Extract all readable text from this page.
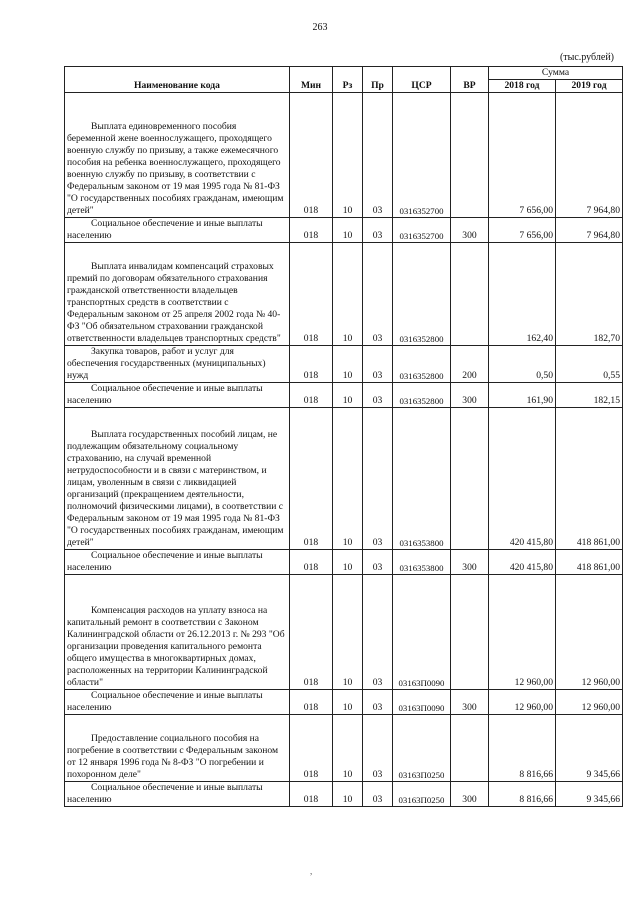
263
(тыс.рублей)
Наименование кода	Мин	Рз	Пр	ЦСР	ВР	Сумма	
						2018 год	2019 год
Выплата единовременного пособия беременной жене военнослужащего, проходящего военную службу по призыву, а также ежемесячного пособия на ребенка военнослужащего, проходящего военную службу по призыву, в соответствии с Федеральным законом от 19 мая 1995 года № 81-ФЗ "О государственных пособиях гражданам, имеющим детей"	018	10	03	0316352700		7 656,00	7 964,80
Социальное обеспечение и иные выплаты населению	018	10	03	0316352700	300	7 656,00	7 964,80
Выплата инвалидам компенсаций страховых премий по договорам обязательного страхования гражданской ответственности владельцев транспортных средств в соответствии с Федеральным законом от 25 апреля 2002 года № 40-ФЗ "Об обязательном страховании гражданской ответственности владельцев транспортных средств"	018	10	03	0316352800		162,40	182,70
Закупка товаров, работ и услуг для обеспечения государственных (муниципальных) нужд	018	10	03	0316352800	200	0,50	0,55
Социальное обеспечение и иные выплаты населению	018	10	03	0316352800	300	161,90	182,15
Выплата государственных пособий лицам, не подлежащим обязательному социальному страхованию, на случай временной нетрудоспособности и в связи с материнством, и лицам, уволенным в связи с ликвидацией организаций (прекращением деятельности, полномочий физическими лицами), в соответствии с Федеральным законом от 19 мая 1995 года № 81-ФЗ "О государственных пособиях гражданам, имеющим детей"	018	10	03	0316353800		420 415,80	418 861,00
Социальное обеспечение и иные выплаты населению	018	10	03	0316353800	300	420 415,80	418 861,00
Компенсация расходов на уплату взноса на капитальный ремонт в соответствии с Законом Калининградской области от 26.12.2013 г. № 293 "Об организации проведения капитального ремонта общего имущества в многоквартирных домах, расположенных на территории Калининградской области"	018	10	03	03163П0090		12 960,00	12 960,00
Социальное обеспечение и иные выплаты населению	018	10	03	03163П0090	300	12 960,00	12 960,00
Предоставление социального пособия на погребение в соответствии с Федеральным законом от 12 января 1996 года № 8-ФЗ "О погребении и похоронном деле"	018	10	03	03163П0250		8 816,66	9 345,66
Социальное обеспечение и иные выплаты населению	018	10	03	03163П0250	300	8 816,66	9 345,66
,
